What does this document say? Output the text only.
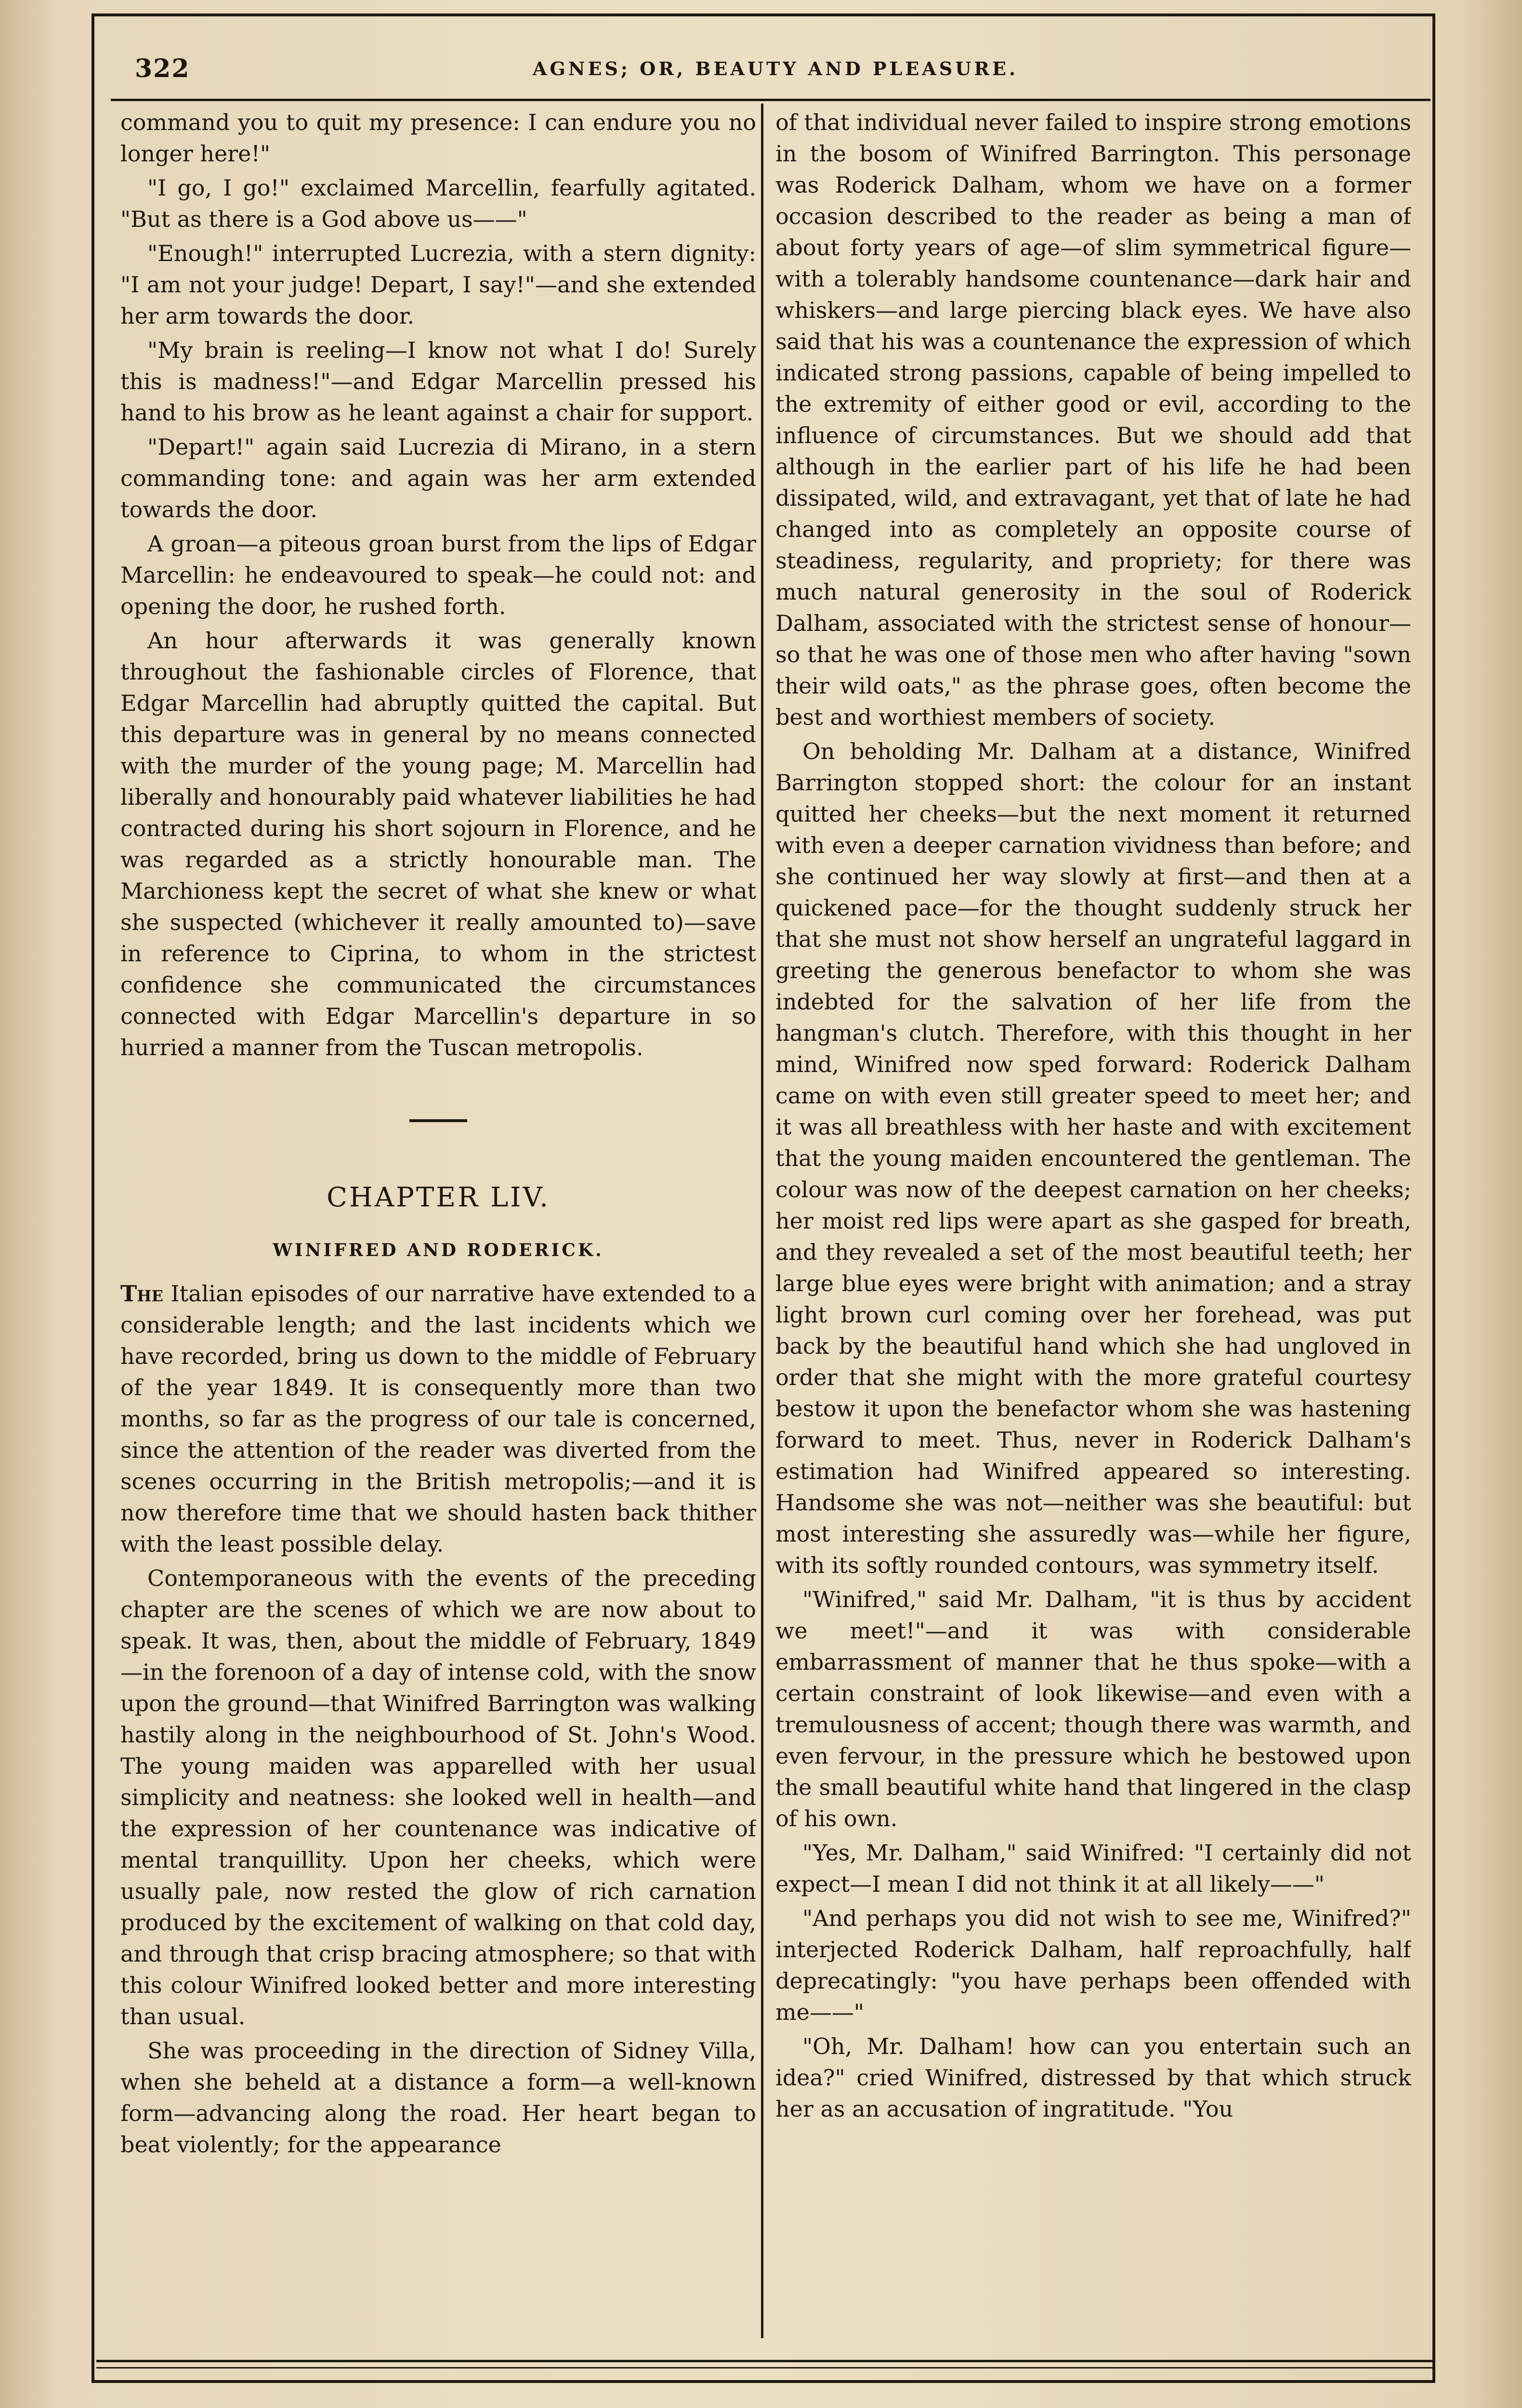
322	AGNES; OR, BEAUTY AND PLEASURE.

command you to quit my presence: I can endure you no longer here!"

"I go, I go!" exclaimed Marcellin, fearfully agitated. "But as there is a God above us——"

"Enough!" interrupted Lucrezia, with a stern dignity: "I am not your judge! Depart, I say!"—and she extended her arm towards the door.

"My brain is reeling—I know not what I do! Surely this is madness!"—and Edgar Marcellin pressed his hand to his brow as he leant against a chair for support.

"Depart!" again said Lucrezia di Mirano, in a stern commanding tone: and again was her arm extended towards the door.

A groan—a piteous groan burst from the lips of Edgar Marcellin: he endeavoured to speak—he could not: and opening the door, he rushed forth.

An hour afterwards it was generally known throughout the fashionable circles of Florence, that Edgar Marcellin had abruptly quitted the capital. But this departure was in general by no means connected with the murder of the young page; M. Marcellin had liberally and honourably paid whatever liabilities he had contracted during his short sojourn in Florence, and he was regarded as a strictly honourable man. The Marchioness kept the secret of what she knew or what she suspected (whichever it really amounted to)—save in reference to Ciprina, to whom in the strictest confidence she communicated the circumstances connected with Edgar Marcellin's departure in so hurried a manner from the Tuscan metropolis.

CHAPTER LIV.
WINIFRED AND RODERICK.

The Italian episodes of our narrative have extended to a considerable length; and the last incidents which we have recorded, bring us down to the middle of February of the year 1849. It is consequently more than two months, so far as the progress of our tale is concerned, since the attention of the reader was diverted from the scenes occurring in the British metropolis;—and it is now therefore time that we should hasten back thither with the least possible delay.

Contemporaneous with the events of the preceding chapter are the scenes of which we are now about to speak. It was, then, about the middle of February, 1849—in the forenoon of a day of intense cold, with the snow upon the ground—that Winifred Barrington was walking hastily along in the neighbourhood of St. John's Wood. The young maiden was apparelled with her usual simplicity and neatness: she looked well in health—and the expression of her countenance was indicative of mental tranquillity. Upon her cheeks, which were usually pale, now rested the glow of rich carnation produced by the excitement of walking on that cold day, and through that crisp bracing atmosphere; so that with this colour Winifred looked better and more interesting than usual.

She was proceeding in the direction of Sidney Villa, when she beheld at a distance a form—a well-known form—advancing along the road. Her heart began to beat violently; for the appearance

of that individual never failed to inspire strong emotions in the bosom of Winifred Barrington. This personage was Roderick Dalham, whom we have on a former occasion described to the reader as being a man of about forty years of age—of slim symmetrical figure—with a tolerably handsome countenance—dark hair and whiskers—and large piercing black eyes. We have also said that his was a countenance the expression of which indicated strong passions, capable of being impelled to the extremity of either good or evil, according to the influence of circumstances. But we should add that although in the earlier part of his life he had been dissipated, wild, and extravagant, yet that of late he had changed into as completely an opposite course of steadiness, regularity, and propriety; for there was much natural generosity in the soul of Roderick Dalham, associated with the strictest sense of honour—so that he was one of those men who after having "sown their wild oats," as the phrase goes, often become the best and worthiest members of society.

On beholding Mr. Dalham at a distance, Winifred Barrington stopped short: the colour for an instant quitted her cheeks—but the next moment it returned with even a deeper carnation vividness than before; and she continued her way slowly at first—and then at a quickened pace—for the thought suddenly struck her that she must not show herself an ungrateful laggard in greeting the generous benefactor to whom she was indebted for the salvation of her life from the hangman's clutch. Therefore, with this thought in her mind, Winifred now sped forward: Roderick Dalham came on with even still greater speed to meet her; and it was all breathless with her haste and with excitement that the young maiden encountered the gentleman. The colour was now of the deepest carnation on her cheeks; her moist red lips were apart as she gasped for breath, and they revealed a set of the most beautiful teeth; her large blue eyes were bright with animation; and a stray light brown curl coming over her forehead, was put back by the beautiful hand which she had ungloved in order that she might with the more grateful courtesy bestow it upon the benefactor whom she was hastening forward to meet. Thus, never in Roderick Dalham's estimation had Winifred appeared so interesting. Handsome she was not—neither was she beautiful: but most interesting she assuredly was—while her figure, with its softly rounded contours, was symmetry itself.

"Winifred," said Mr. Dalham, "it is thus by accident we meet!"—and it was with considerable embarrassment of manner that he thus spoke—with a certain constraint of look likewise—and even with a tremulousness of accent; though there was warmth, and even fervour, in the pressure which he bestowed upon the small beautiful white hand that lingered in the clasp of his own.

"Yes, Mr. Dalham," said Winifred: "I certainly did not expect—I mean I did not think it at all likely——"

"And perhaps you did not wish to see me, Winifred?" interjected Roderick Dalham, half reproachfully, half deprecatingly: "you have perhaps been offended with me——"

"Oh, Mr. Dalham! how can you entertain such an idea?" cried Winifred, distressed by that which struck her as an accusation of ingratitude. "You
